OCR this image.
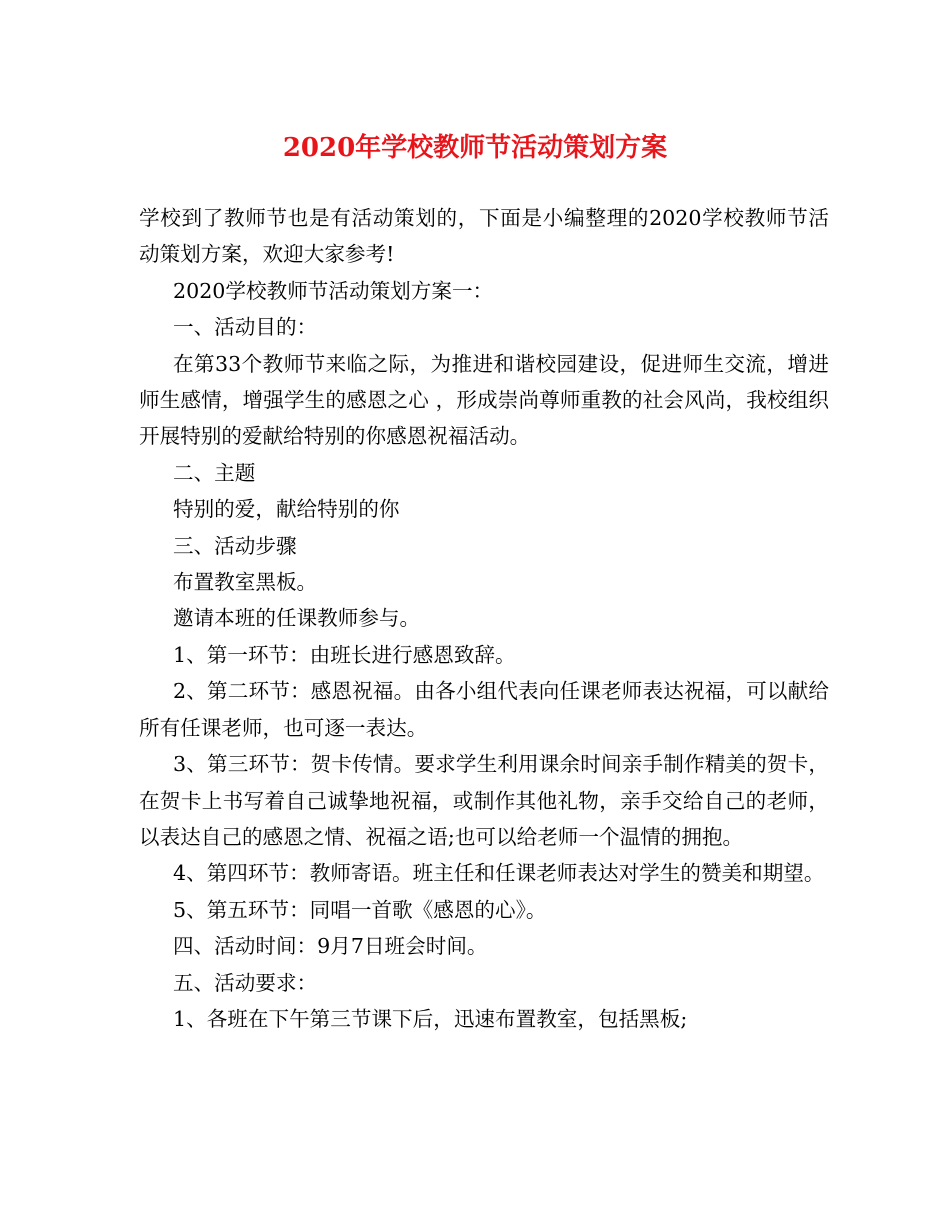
2020年学校教师节活动策划方案

学校到了教师节也是有活动策划的，下面是小编整理的2020学校教师节活动策划方案，欢迎大家参考!

2020学校教师节活动策划方案一：

一、活动目的：

在第33个教师节来临之际，为推进和谐校园建设，促进师生交流，增进师生感情，增强学生的感恩之心 ，形成崇尚尊师重教的社会风尚，我校组织开展特别的爱献给特别的你感恩祝福活动。

二、主题

特别的爱，献给特别的你

三、活动步骤

布置教室黑板。

邀请本班的任课教师参与。

1、第一环节：由班长进行感恩致辞。

2、第二环节：感恩祝福。由各小组代表向任课老师表达祝福，可以献给所有任课老师，也可逐一表达。

3、第三环节：贺卡传情。要求学生利用课余时间亲手制作精美的贺卡，在贺卡上书写着自己诚挚地祝福，或制作其他礼物，亲手交给自己的老师，以表达自己的感恩之情、祝福之语;也可以给老师一个温情的拥抱。

4、第四环节：教师寄语。班主任和任课老师表达对学生的赞美和期望。

5、第五环节：同唱一首歌《感恩的心》。

四、活动时间：9月7日班会时间。

五、活动要求：

1、各班在下午第三节课下后，迅速布置教室，包括黑板;
